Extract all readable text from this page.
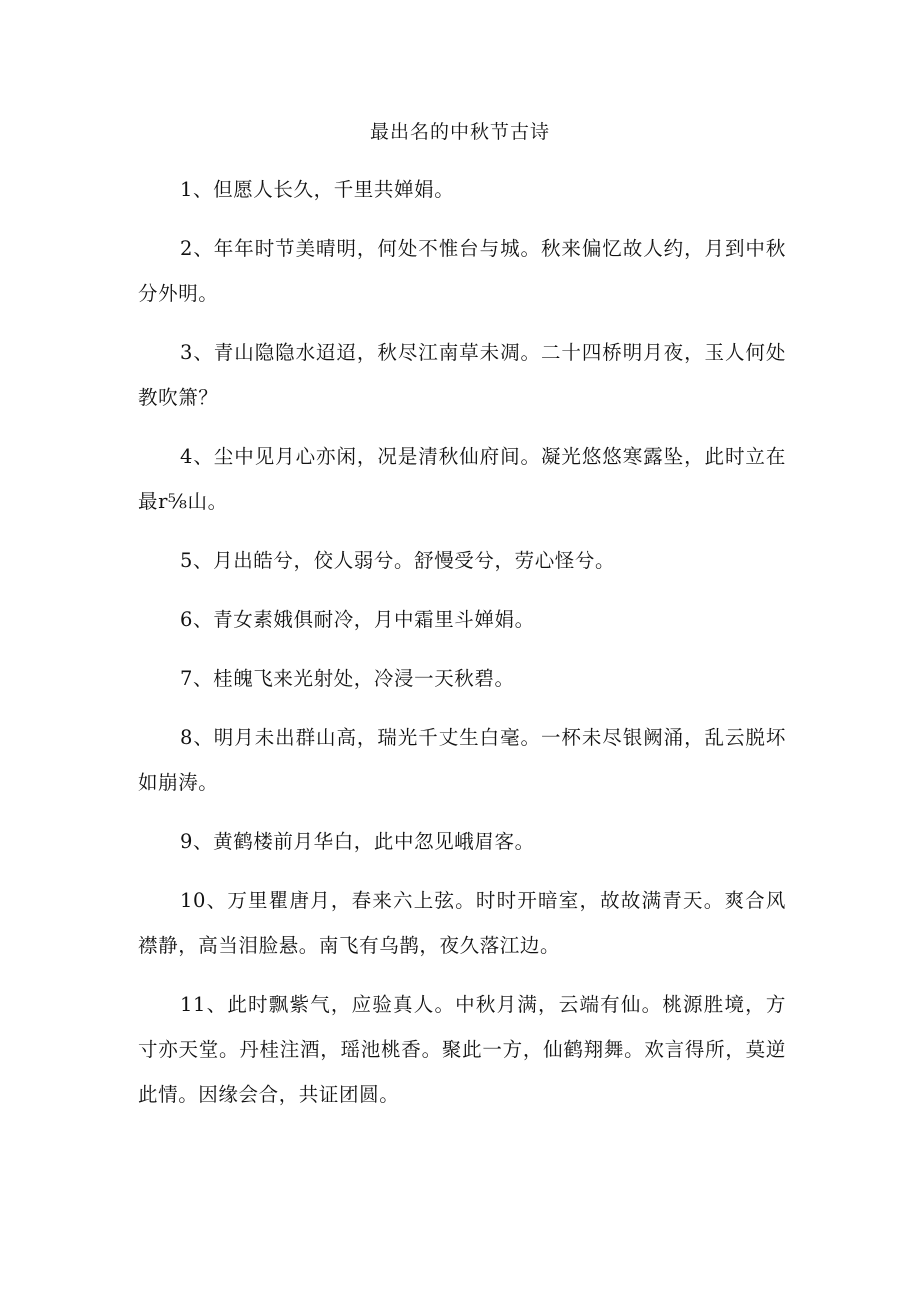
最出名的中秋节古诗

1、但愿人长久，千里共婵娟。

2、年年时节美晴明，何处不惟台与城。秋来偏忆故人约，月到中秋分外明。

3、青山隐隐水迢迢，秋尽江南草未凋。二十四桥明月夜，玉人何处教吹箫？

4、尘中见月心亦闲，况是清秋仙府间。凝光悠悠寒露坠，此时立在最r⅝山。

5、月出皓兮，佼人弱兮。舒慢受兮，劳心怪兮。

6、青女素娥俱耐冷，月中霜里斗婵娟。

7、桂魄飞来光射处，冷浸一天秋碧。

8、明月未出群山高，瑞光千丈生白毫。一杯未尽银阙涌，乱云脱坏如崩涛。

9、黄鹤楼前月华白，此中忽见峨眉客。

10、万里瞿唐月，春来六上弦。时时开暗室，故故满青天。爽合风襟静，高当泪脸悬。南飞有乌鹊，夜久落江边。

11、此时飘紫气，应验真人。中秋月满，云端有仙。桃源胜境，方寸亦天堂。丹桂注酒，瑶池桃香。聚此一方，仙鹤翔舞。欢言得所，莫逆此情。因缘会合，共证团圆。
